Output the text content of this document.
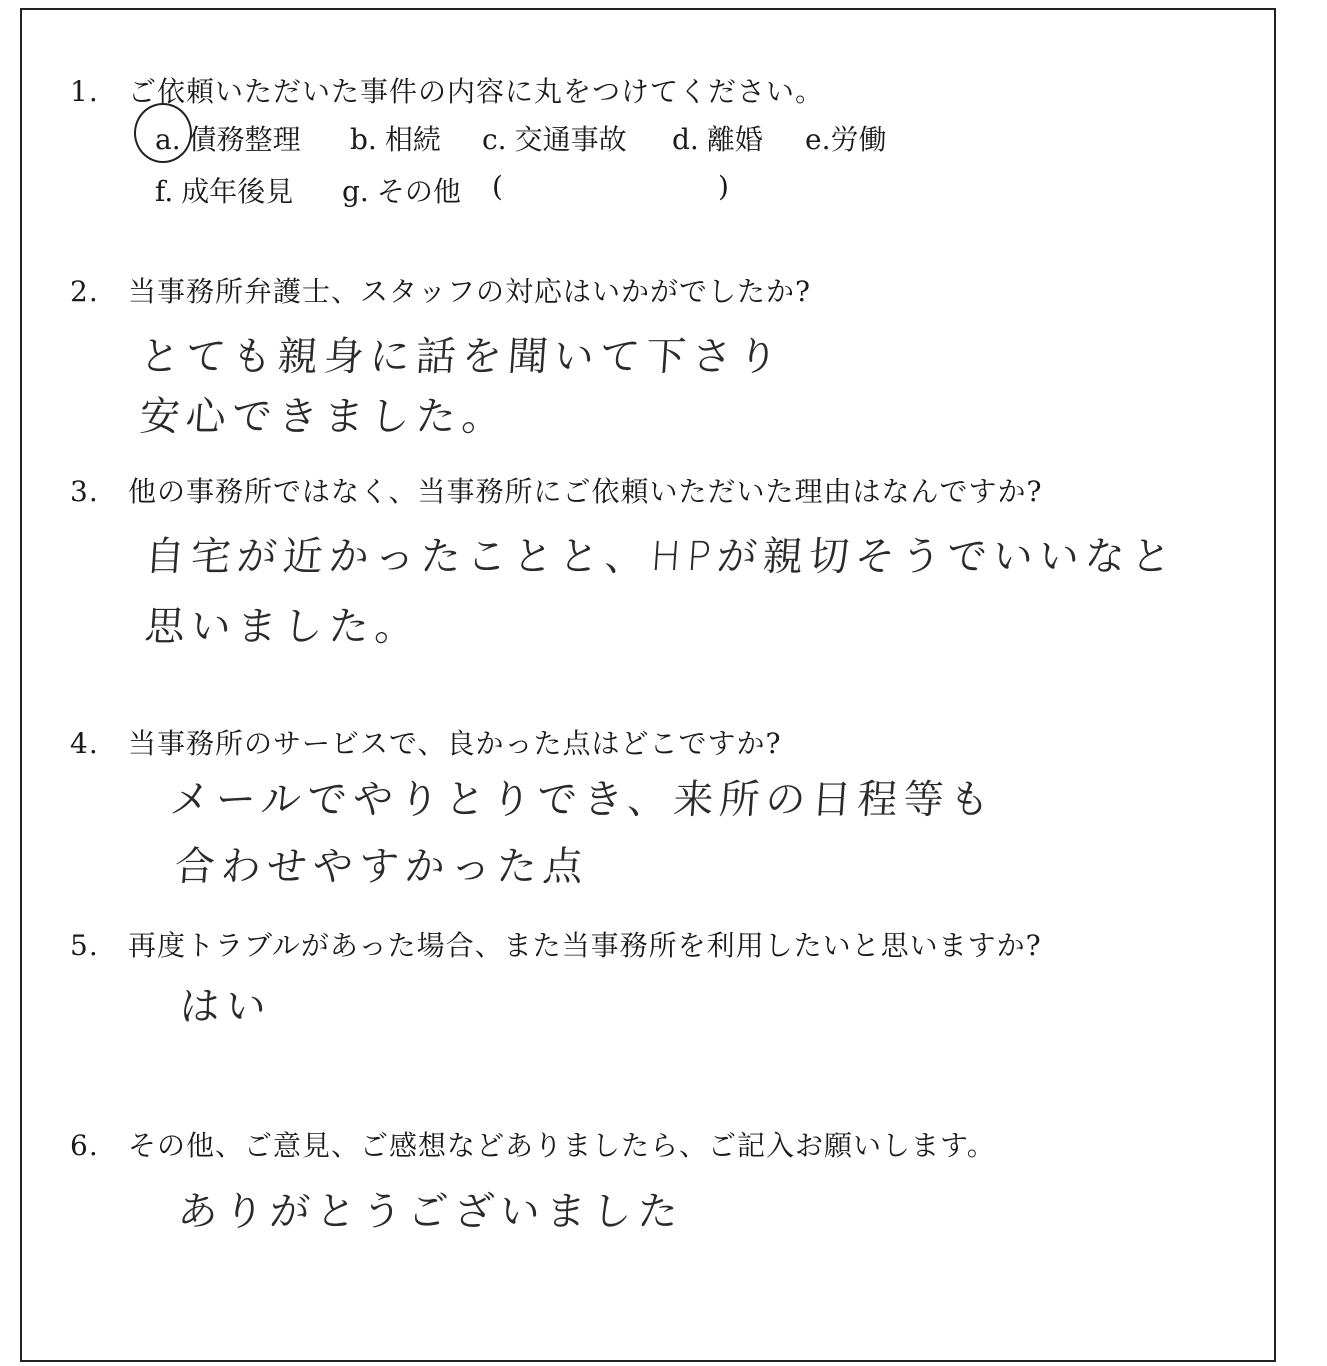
1. ご依頼いただいた事件の内容に丸をつけてください。
a. 債務整理 b. 相続 c. 交通事故 d. 離婚 e.労働
f. 成年後見 g. その他 (	)
2. 当事務所弁護士、スタッフの対応はいかがでしたか?
とても親身に話を聞いて下さり
安心できました。
3. 他の事務所ではなく、当事務所にご依頼いただいた理由はなんですか?
自宅が近かったことと、HPが親切そうでいいなと
思いました。
4. 当事務所のサービスで、良かった点はどこですか?
メールでやりとりでき、来所の日程等も
合わせやすかった点
5. 再度トラブルがあった場合、また当事務所を利用したいと思いますか?
はい
6. その他、ご意見、ご感想などありましたら、ご記入お願いします。
ありがとうございました
